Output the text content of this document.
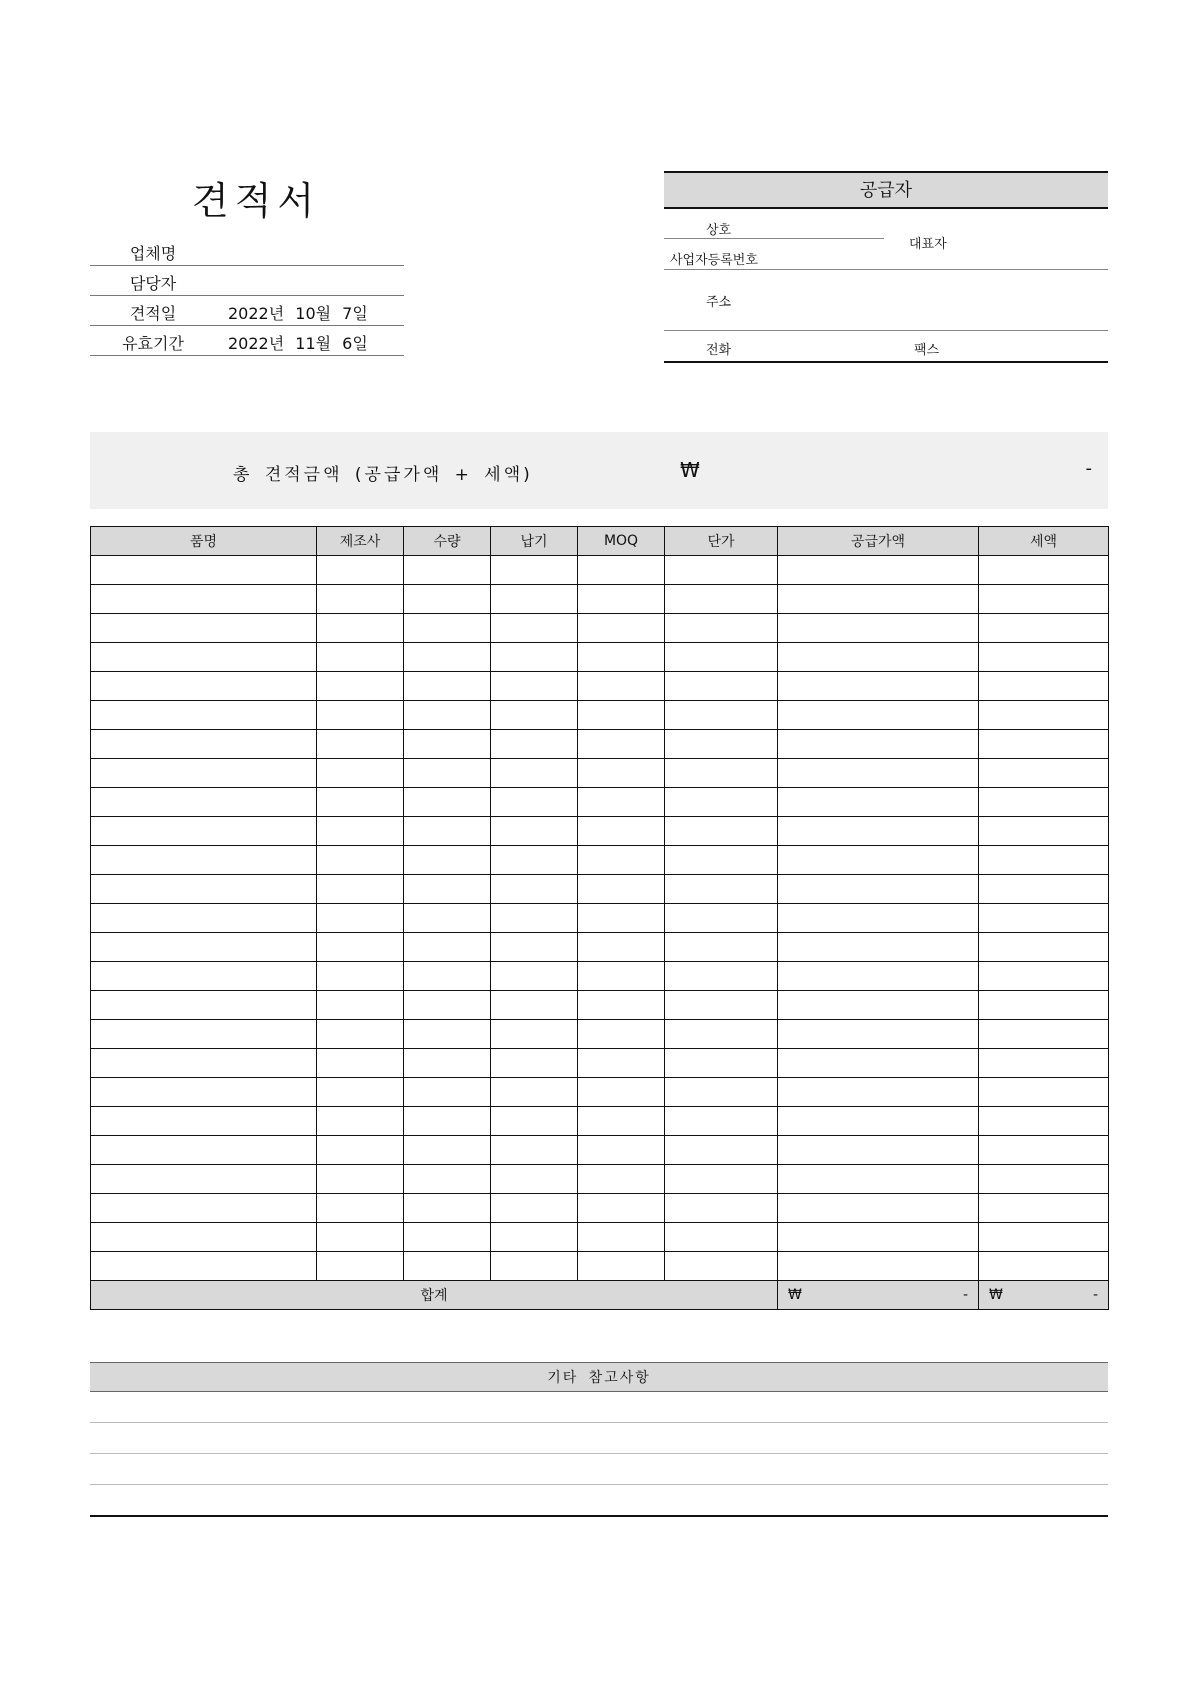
견적서
업체명
담당자
견적일	2022년 10월 7일
유효기간	2022년 11월 6일
공급자
상호
사업자등록번호
대표자
주소
전화	팩스
총 견적금액 (공급가액 + 세액)	₩	-
품명	제조사	수량	납기	MOQ	단가	공급가액	세액

합계						₩ -	₩ -
기타 참고사항
